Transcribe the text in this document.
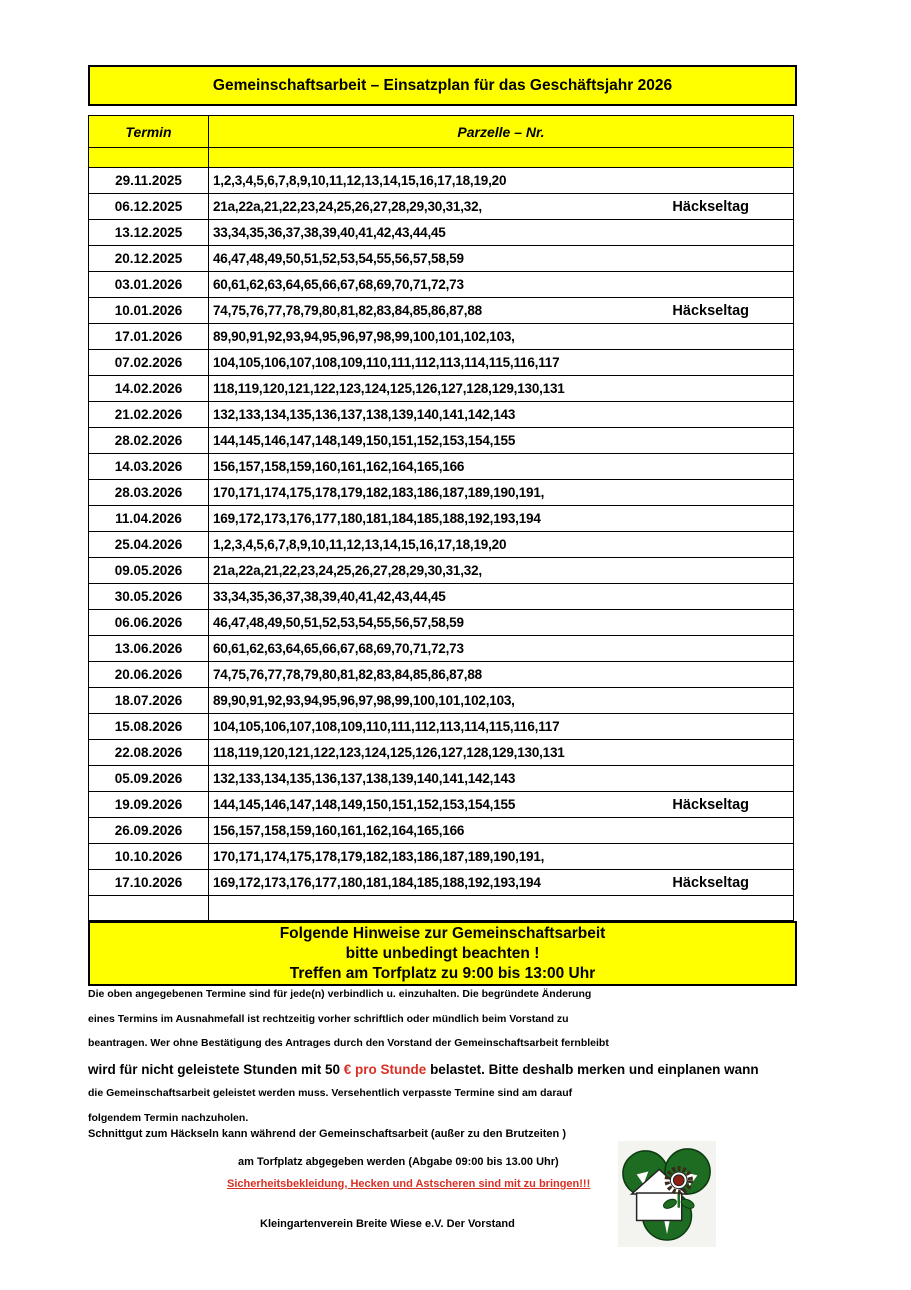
Gemeinschaftsarbeit – Einsatzplan für das Geschäftsjahr 2026
Termin	Parzelle – Nr.

29.11.2025	1,2,3,4,5,6,7,8,9,10,11,12,13,14,15,16,17,18,19,20

06.12.2025	21a,22a,21,22,23,24,25,26,27,28,29,30,31,32, Häckseltag

13.12.2025	33,34,35,36,37,38,39,40,41,42,43,44,45

20.12.2025	46,47,48,49,50,51,52,53,54,55,56,57,58,59

03.01.2026	60,61,62,63,64,65,66,67,68,69,70,71,72,73

10.01.2026	74,75,76,77,78,79,80,81,82,83,84,85,86,87,88 Häckseltag

17.01.2026	89,90,91,92,93,94,95,96,97,98,99,100,101,102,103,

07.02.2026	104,105,106,107,108,109,110,111,112,113,114,115,116,117

14.02.2026	118,119,120,121,122,123,124,125,126,127,128,129,130,131

21.02.2026	132,133,134,135,136,137,138,139,140,141,142,143

28.02.2026	144,145,146,147,148,149,150,151,152,153,154,155

14.03.2026	156,157,158,159,160,161,162,164,165,166

28.03.2026	170,171,174,175,178,179,182,183,186,187,189,190,191,

11.04.2026	169,172,173,176,177,180,181,184,185,188,192,193,194

25.04.2026	1,2,3,4,5,6,7,8,9,10,11,12,13,14,15,16,17,18,19,20

09.05.2026	21a,22a,21,22,23,24,25,26,27,28,29,30,31,32,

30.05.2026	33,34,35,36,37,38,39,40,41,42,43,44,45

06.06.2026	46,47,48,49,50,51,52,53,54,55,56,57,58,59

13.06.2026	60,61,62,63,64,65,66,67,68,69,70,71,72,73

20.06.2026	74,75,76,77,78,79,80,81,82,83,84,85,86,87,88

18.07.2026	89,90,91,92,93,94,95,96,97,98,99,100,101,102,103,

15.08.2026	104,105,106,107,108,109,110,111,112,113,114,115,116,117

22.08.2026	118,119,120,121,122,123,124,125,126,127,128,129,130,131

05.09.2026	132,133,134,135,136,137,138,139,140,141,142,143

19.09.2026	144,145,146,147,148,149,150,151,152,153,154,155 Häckseltag

26.09.2026	156,157,158,159,160,161,162,164,165,166

10.10.2026	170,171,174,175,178,179,182,183,186,187,189,190,191,

17.10.2026	169,172,173,176,177,180,181,184,185,188,192,193,194 Häckseltag

Folgende Hinweise zur Gemeinschaftsarbeit
bitte unbedingt beachten !
Treffen am Torfplatz zu 9:00 bis 13:00 Uhr

Die oben angegebenen Termine sind für jede(n) verbindlich u. einzuhalten. Die begründete Änderung

eines Termins im Ausnahmefall ist rechtzeitig vorher schriftlich oder mündlich beim Vorstand zu

beantragen. Wer ohne Bestätigung des Antrages durch den Vorstand der Gemeinschaftsarbeit fernbleibt

wird für nicht geleistete Stunden mit 50 € pro Stunde belastet. Bitte deshalb merken und einplanen wann

die Gemeinschaftsarbeit geleistet werden muss. Versehentlich verpasste Termine sind am darauf

folgendem Termin nachzuholen.

Schnittgut zum Häckseln kann während der Gemeinschaftsarbeit (außer zu den Brutzeiten )
am Torfplatz abgegeben werden (Abgabe 09:00 bis 13.00 Uhr)
Sicherheitsbekleidung, Hecken und Astscheren sind mit zu bringen!!!
Kleingartenverein Breite Wiese e.V. Der Vorstand
